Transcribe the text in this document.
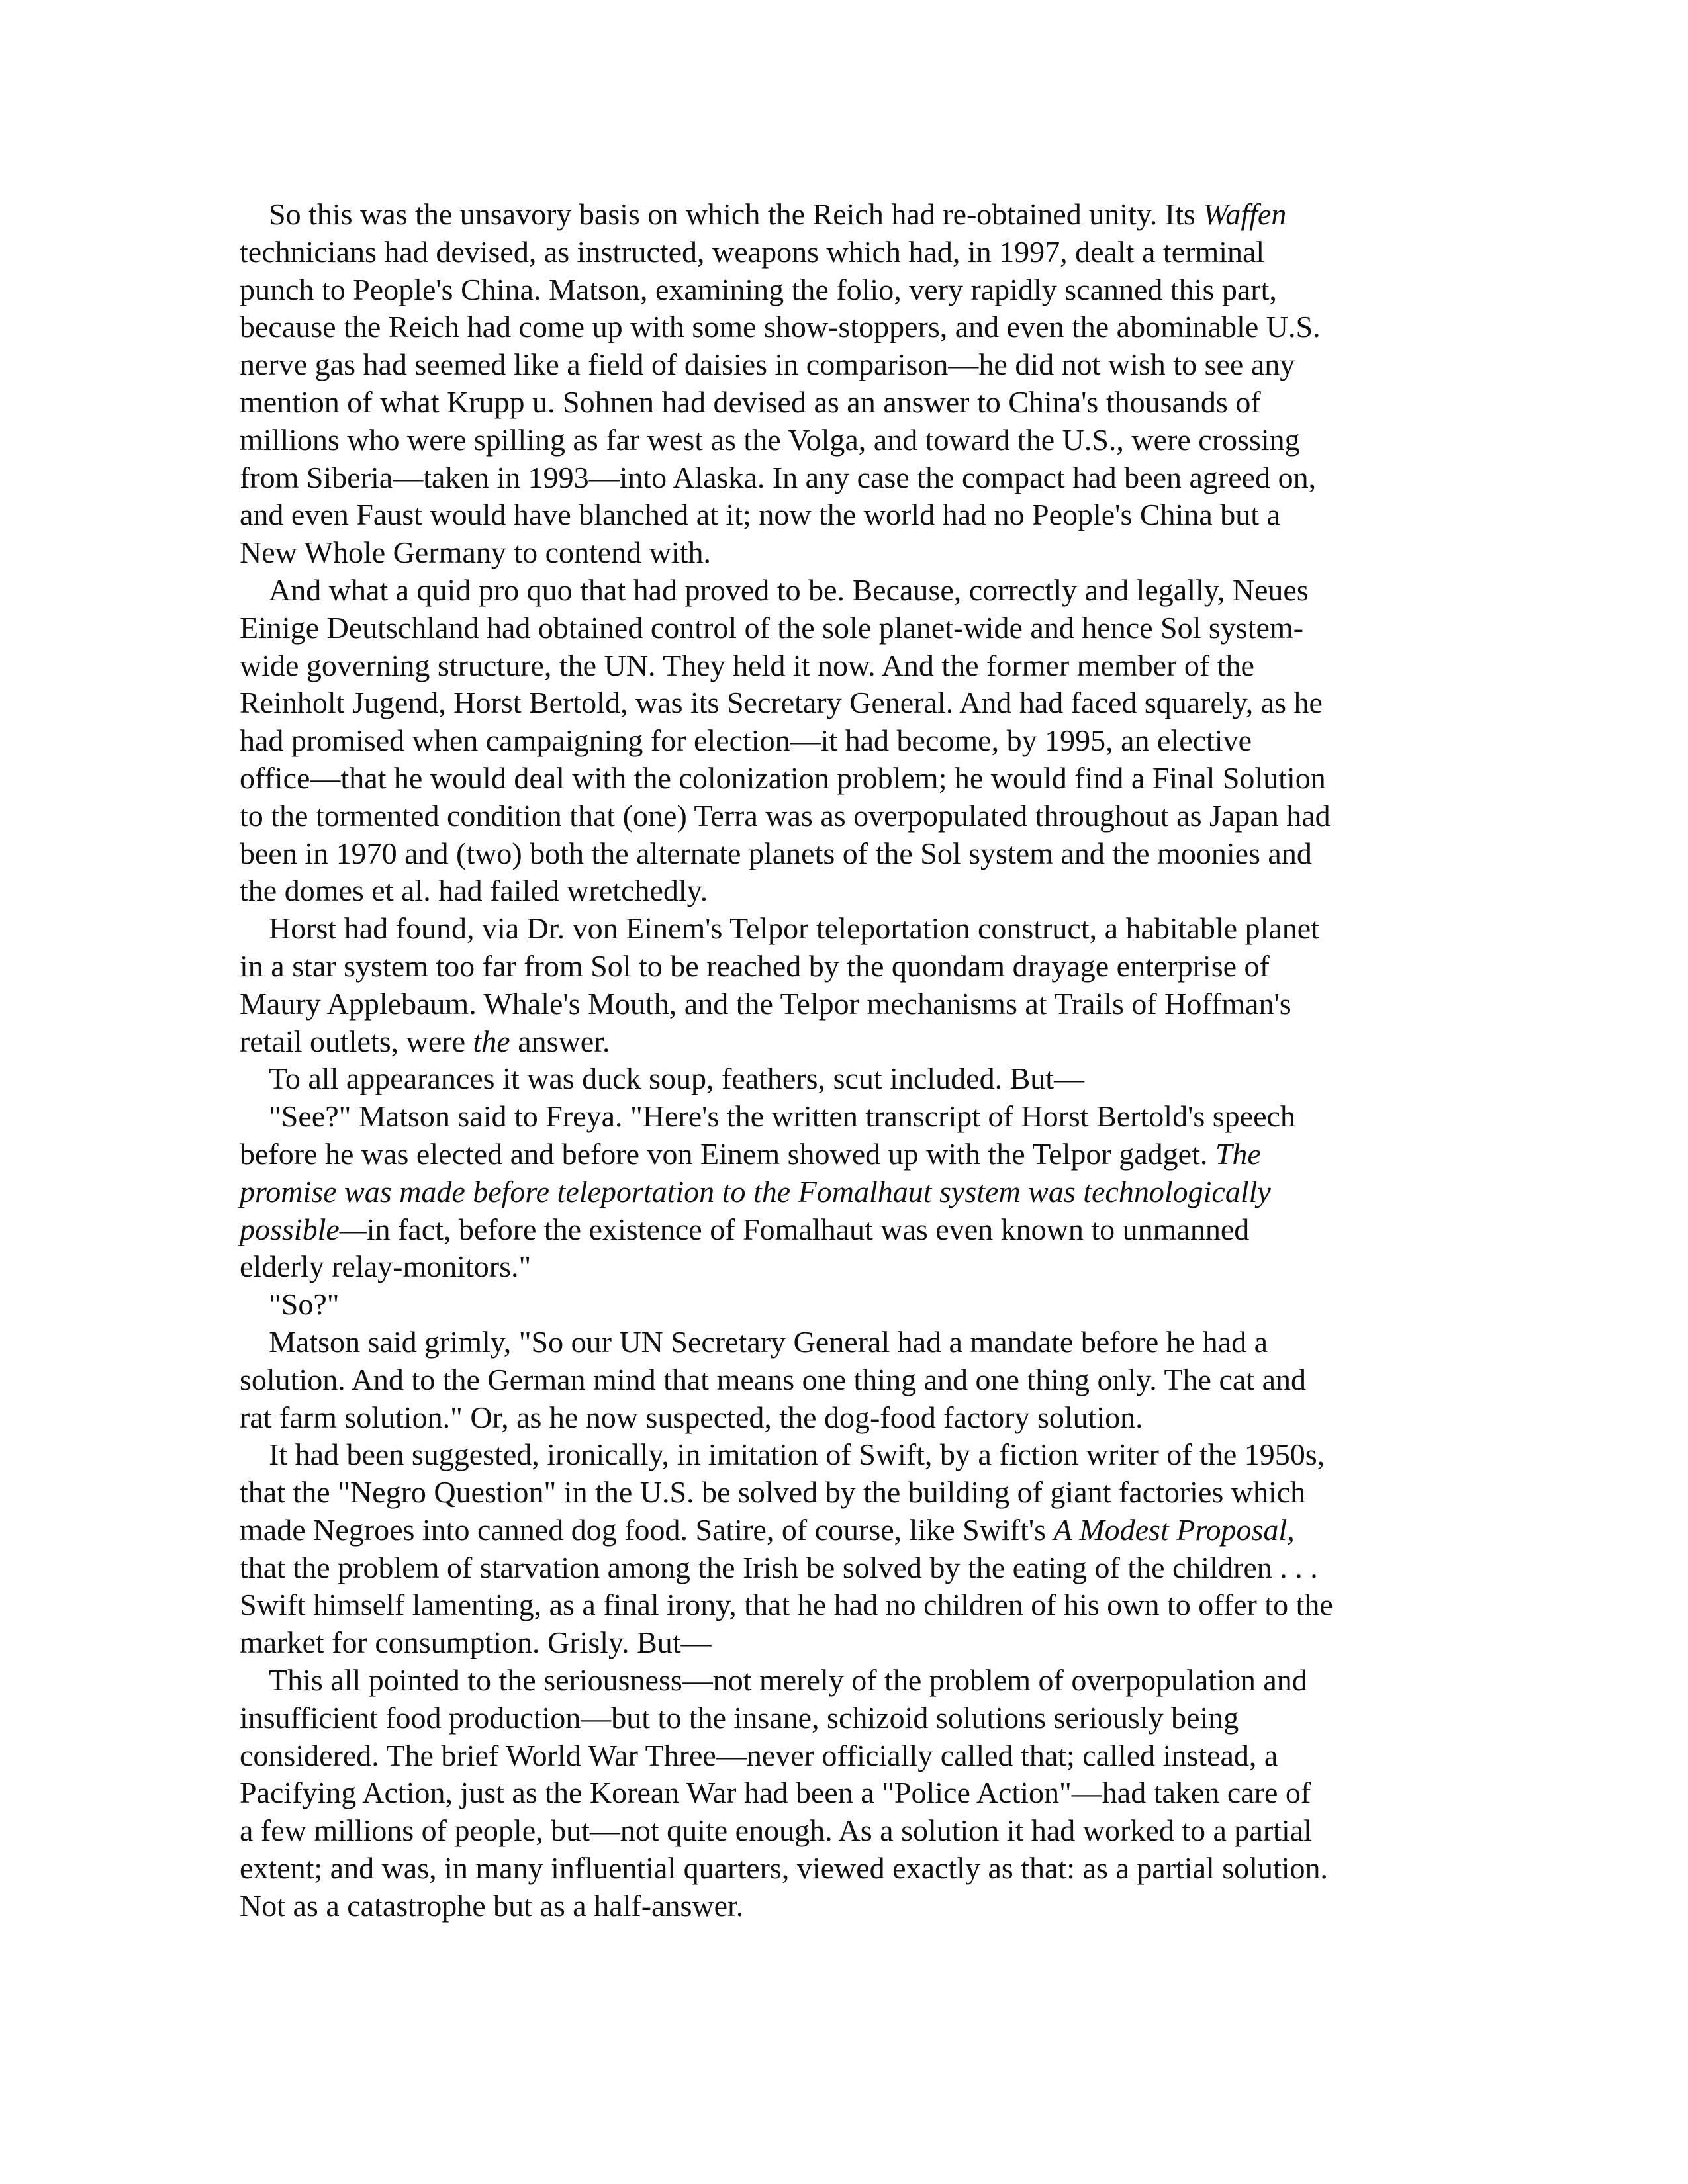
So this was the unsavory basis on which the Reich had re-obtained unity. Its Waffen
technicians had devised, as instructed, weapons which had, in 1997, dealt a terminal
punch to People's China. Matson, examining the folio, very rapidly scanned this part,
because the Reich had come up with some show-stoppers, and even the abominable U.S.
nerve gas had seemed like a field of daisies in comparison—he did not wish to see any
mention of what Krupp u. Sohnen had devised as an answer to China's thousands of
millions who were spilling as far west as the Volga, and toward the U.S., were crossing
from Siberia—taken in 1993—into Alaska. In any case the compact had been agreed on,
and even Faust would have blanched at it; now the world had no People's China but a
New Whole Germany to contend with.
And what a quid pro quo that had proved to be. Because, correctly and legally, Neues
Einige Deutschland had obtained control of the sole planet-wide and hence Sol system-
wide governing structure, the UN. They held it now. And the former member of the
Reinholt Jugend, Horst Bertold, was its Secretary General. And had faced squarely, as he
had promised when campaigning for election—it had become, by 1995, an elective
office—that he would deal with the colonization problem; he would find a Final Solution
to the tormented condition that (one) Terra was as overpopulated throughout as Japan had
been in 1970 and (two) both the alternate planets of the Sol system and the moonies and
the domes et al. had failed wretchedly.
Horst had found, via Dr. von Einem's Telpor teleportation construct, a habitable planet
in a star system too far from Sol to be reached by the quondam drayage enterprise of
Maury Applebaum. Whale's Mouth, and the Telpor mechanisms at Trails of Hoffman's
retail outlets, were the answer.
To all appearances it was duck soup, feathers, scut included. But—
"See?" Matson said to Freya. "Here's the written transcript of Horst Bertold's speech
before he was elected and before von Einem showed up with the Telpor gadget. The
promise was made before teleportation to the Fomalhaut system was technologically
possible—in fact, before the existence of Fomalhaut was even known to unmanned
elderly relay-monitors."
"So?"
Matson said grimly, "So our UN Secretary General had a mandate before he had a
solution. And to the German mind that means one thing and one thing only. The cat and
rat farm solution." Or, as he now suspected, the dog-food factory solution.
It had been suggested, ironically, in imitation of Swift, by a fiction writer of the 1950s,
that the "Negro Question" in the U.S. be solved by the building of giant factories which
made Negroes into canned dog food. Satire, of course, like Swift's A Modest Proposal,
that the problem of starvation among the Irish be solved by the eating of the children . . .
Swift himself lamenting, as a final irony, that he had no children of his own to offer to the
market for consumption. Grisly. But—
This all pointed to the seriousness—not merely of the problem of overpopulation and
insufficient food production—but to the insane, schizoid solutions seriously being
considered. The brief World War Three—never officially called that; called instead, a
Pacifying Action, just as the Korean War had been a "Police Action"—had taken care of
a few millions of people, but—not quite enough. As a solution it had worked to a partial
extent; and was, in many influential quarters, viewed exactly as that: as a partial solution.
Not as a catastrophe but as a half-answer.
